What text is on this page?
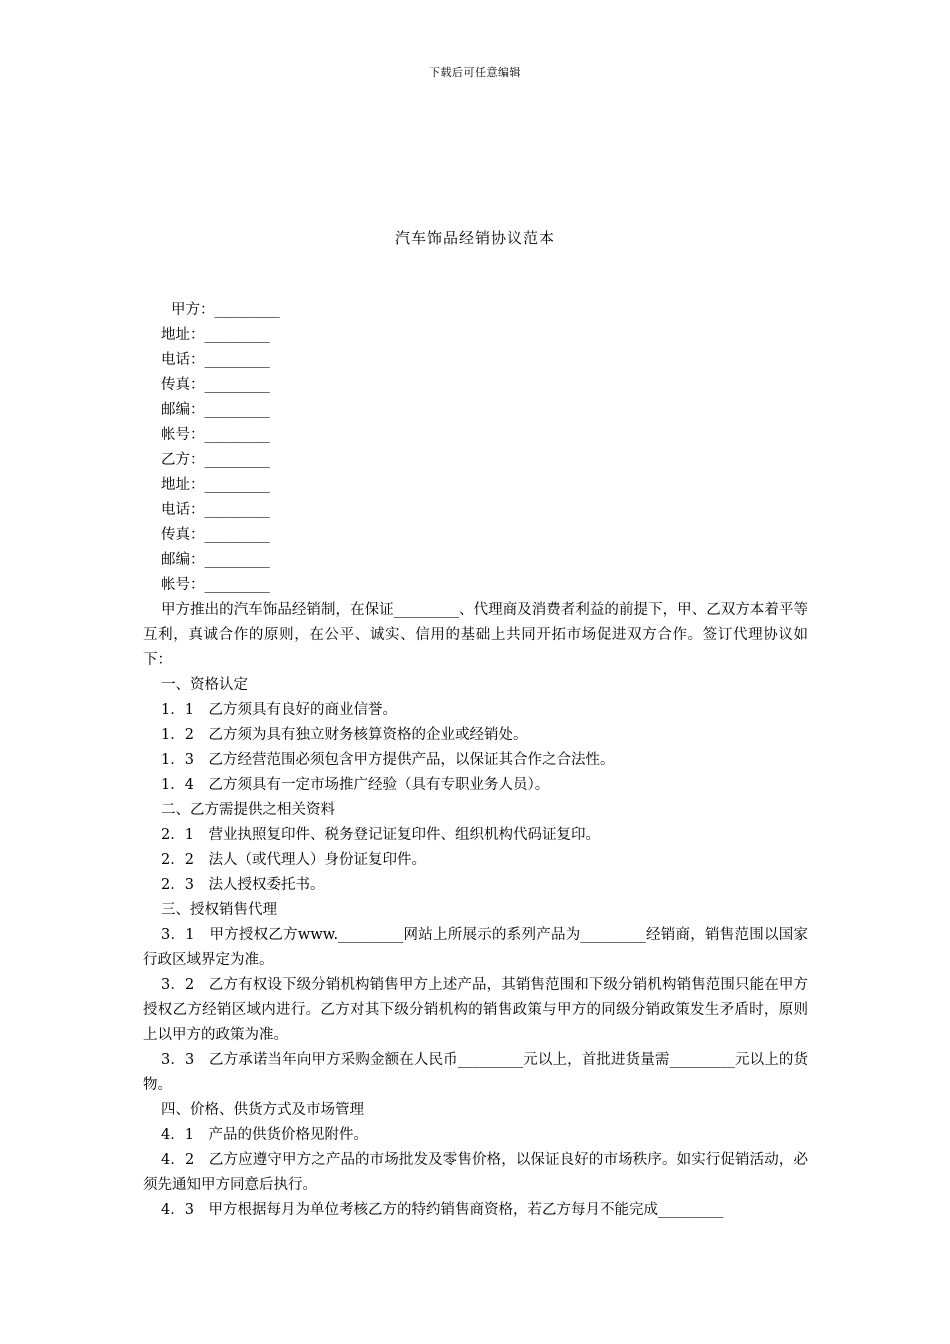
下载后可任意编辑
汽车饰品经销协议范本
甲方：_________
地址：_________
电话：_________
传真：_________
邮编：_________
帐号：_________
乙方：_________
地址：_________
电话：_________
传真：_________
邮编：_________
帐号：_________
甲方推出的汽车饰品经销制，在保证_________、代理商及消费者利益的前提下，甲、乙双方本着平等互利，真诚合作的原则，在公平、诚实、信用的基础上共同开拓市场促进双方合作。签订代理协议如下：
一、资格认定
1．1　乙方须具有良好的商业信誉。
1．2　乙方须为具有独立财务核算资格的企业或经销处。
1．3　乙方经营范围必须包含甲方提供产品，以保证其合作之合法性。
1．4　乙方须具有一定市场推广经验（具有专职业务人员）。
二、乙方需提供之相关资料
2．1　营业执照复印件、税务登记证复印件、组织机构代码证复印。
2．2　法人（或代理人）身份证复印件。
2．3　法人授权委托书。
三、授权销售代理
3．1　甲方授权乙方www._________网站上所展示的系列产品为_________经销商，销售范围以国家行政区域界定为准。
3．2　乙方有权设下级分销机构销售甲方上述产品，其销售范围和下级分销机构销售范围只能在甲方授权乙方经销区域内进行。乙方对其下级分销机构的销售政策与甲方的同级分销政策发生矛盾时，原则上以甲方的政策为准。
3．3　乙方承诺当年向甲方采购金额在人民币_________元以上，首批进货量需_________元以上的货物。
四、价格、供货方式及市场管理
4．1　产品的供货价格见附件。
4．2　乙方应遵守甲方之产品的市场批发及零售价格，以保证良好的市场秩序。如实行促销活动，必须先通知甲方同意后执行。
4．3　甲方根据每月为单位考核乙方的特约销售商资格，若乙方每月不能完成_________
